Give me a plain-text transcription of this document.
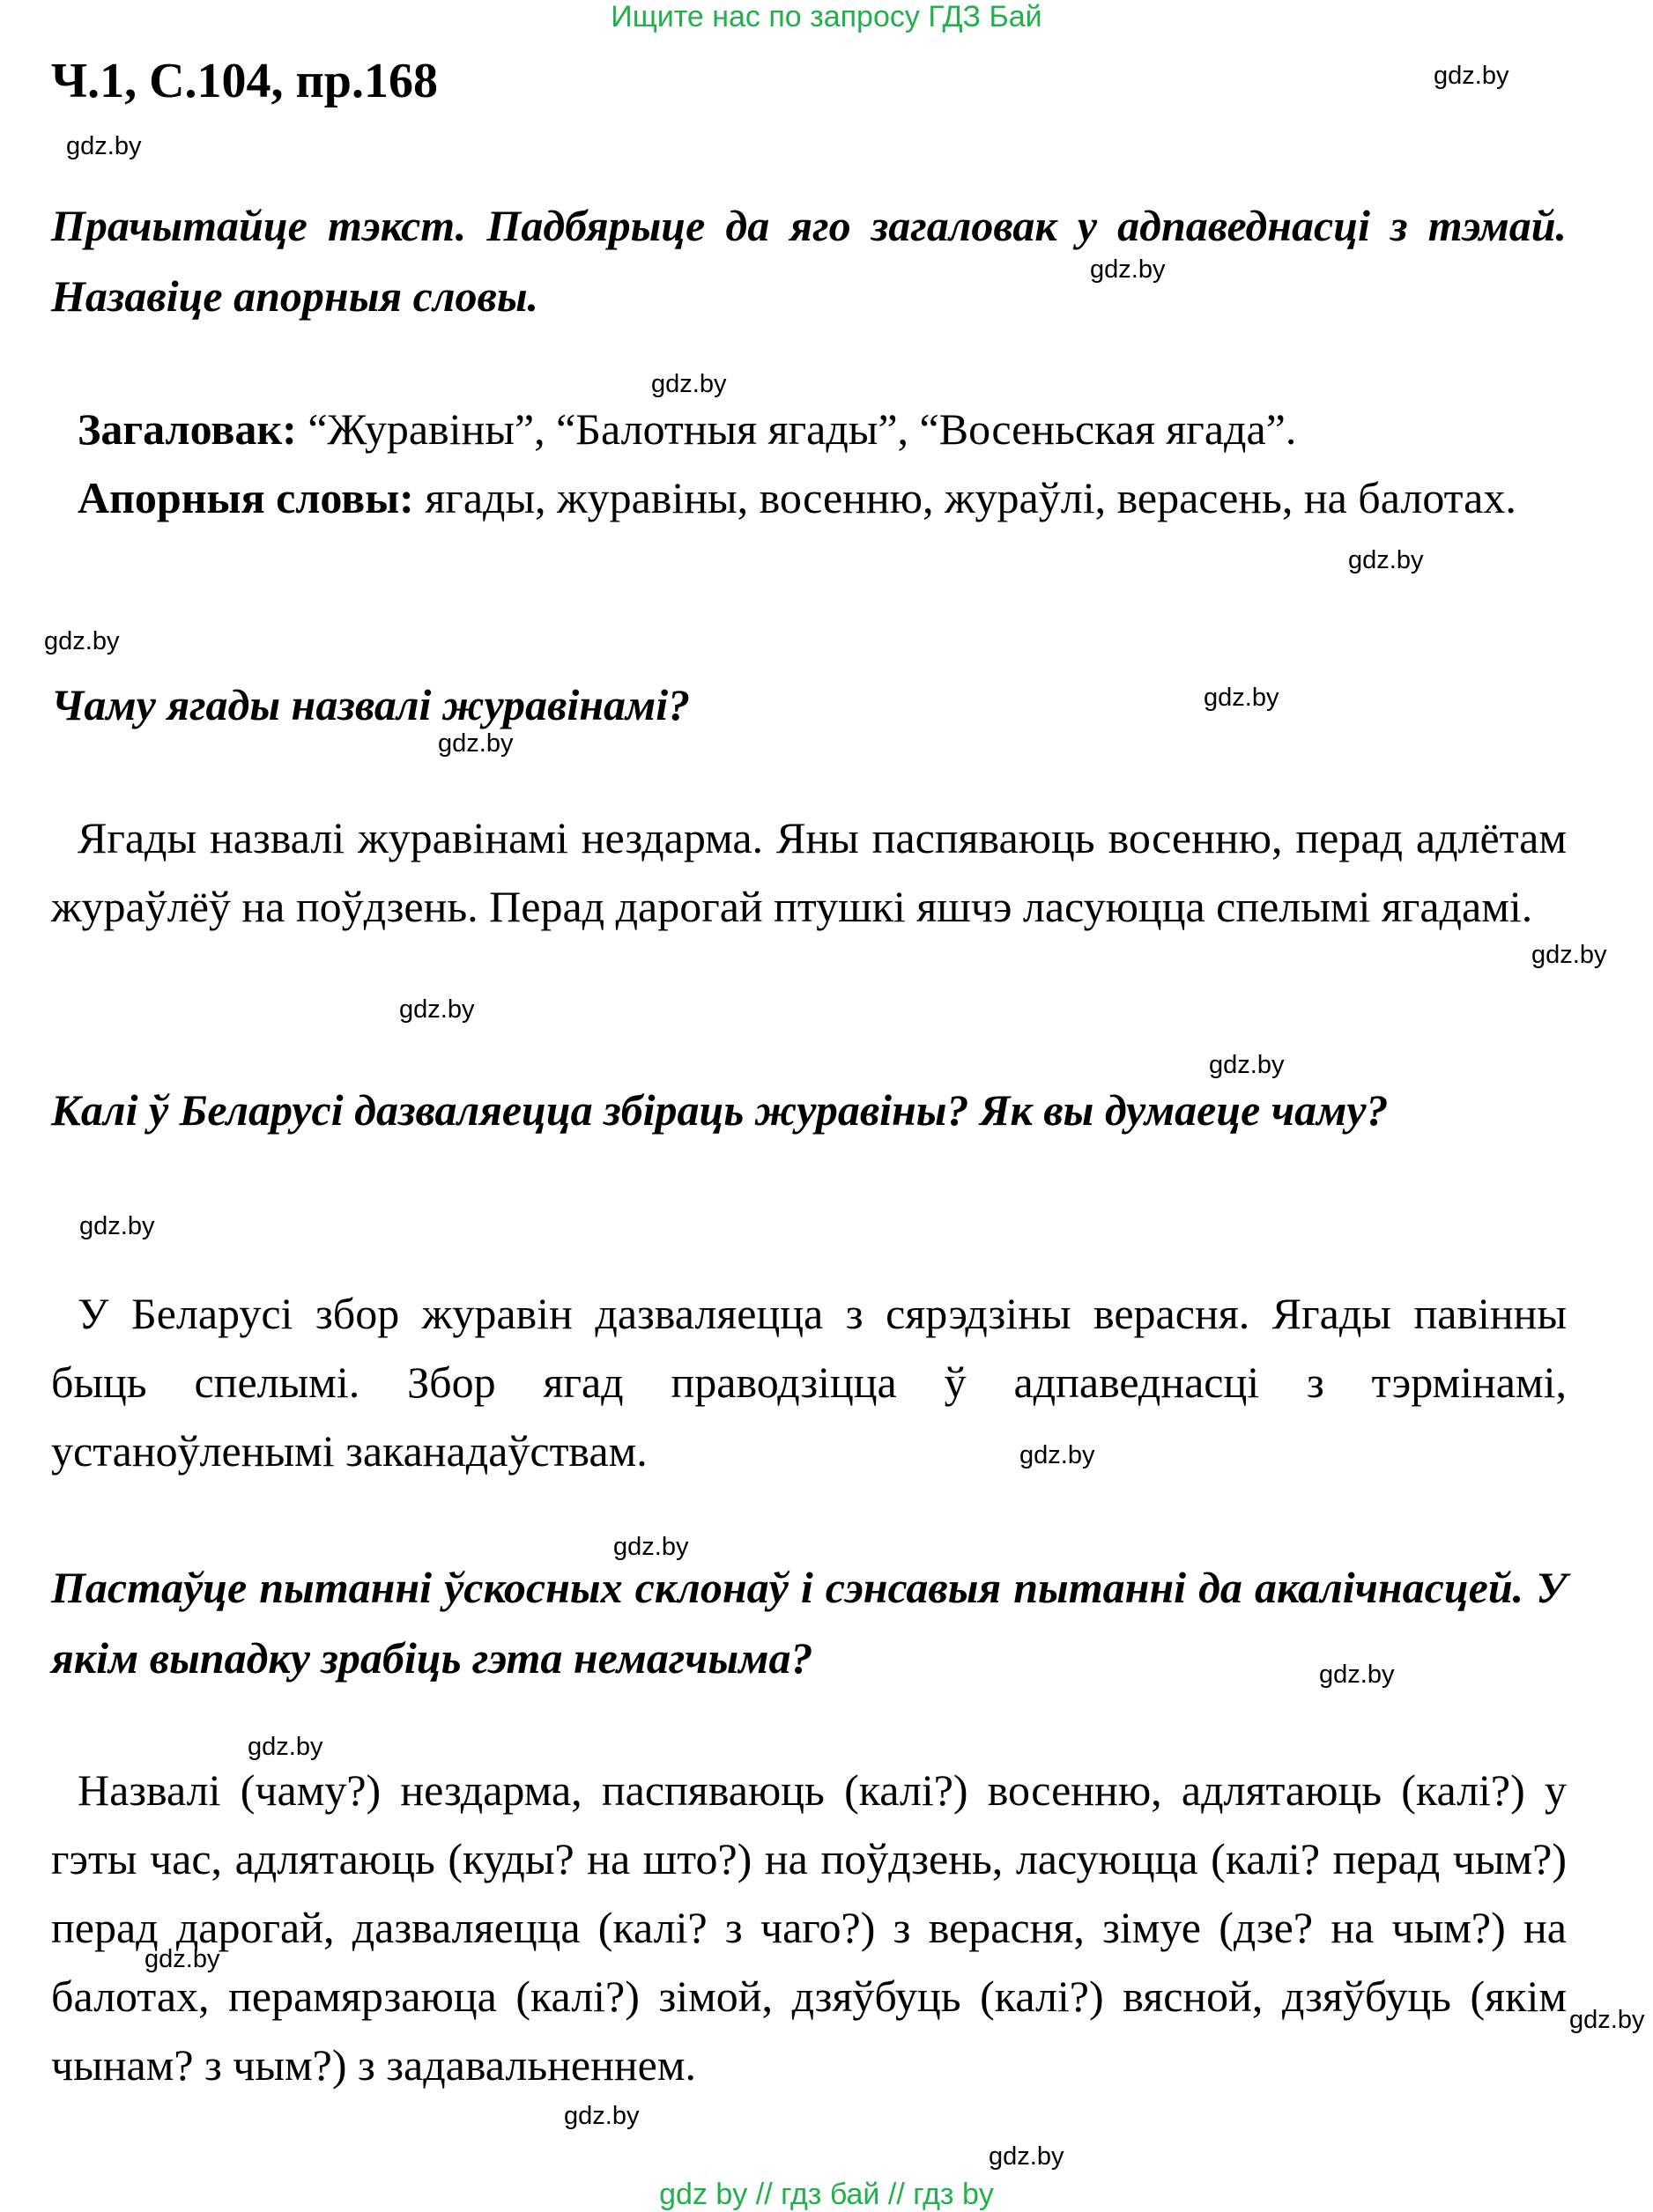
Ищите нас по запросу ГДЗ Бай
Ч.1, С.104, пр.168	gdz.by
gdz.by
gdz.by
gdz.by
gdz.by
gdz.by
gdz.by
gdz.by
gdz.by
gdz.by
gdz.by
gdz.by
gdz.by
gdz.by
gdz.by
gdz.by
gdz.by
gdz.by
gdz.by
gdz.by
Прачытайце тэкст. Падбярыце да яго загаловак у адпаведнасці з тэмай. Назавіце апорныя словы.
Загаловак: “Журавіны”, “Балотныя ягады”, “Восеньская ягада”.
Апорныя словы: ягады, журавіны, восенню, жураўлі, верасень, на балотах.
Чаму ягады назвалі журавінамі?
Ягады назвалі журавінамі нездарма. Яны паспяваюць восенню, перад адлётам жураўлёў на поўдзень. Перад дарогай птушкі яшчэ ласуюцца спелымі ягадамі.
Калі ў Беларусі дазваляецца збіраць журавіны? Як вы думаеце чаму?
У Беларусі збор журавін дазваляецца з сярэдзіны верасня. Ягады павінны быць спелымі. Збор ягад праводзіцца ў адпаведнасці з тэрмінамі, устаноўленымі заканадаўствам.
Пастаўце пытанні ўскосных склонаў і сэнсавыя пытанні да акалічнасцей. У якім выпадку зрабіць гэта немагчыма?
Назвалі (чаму?) нездарма, паспяваюць (калі?) восенню, адлятаюць (калі?) у гэты час, адлятаюць (куды? на што?) на поўдзень, ласуюцца (калі? перад чым?) перад дарогай, дазваляецца (калі? з чаго?) з верасня, зімуе (дзе? на чым?) на балотах, перамярзаюца (калі?) зімой, дзяўбуць (калі?) вясной, дзяўбуць (якім чынам? з чым?) з задавальненнем.
gdz by // гдз бай // гдз by
